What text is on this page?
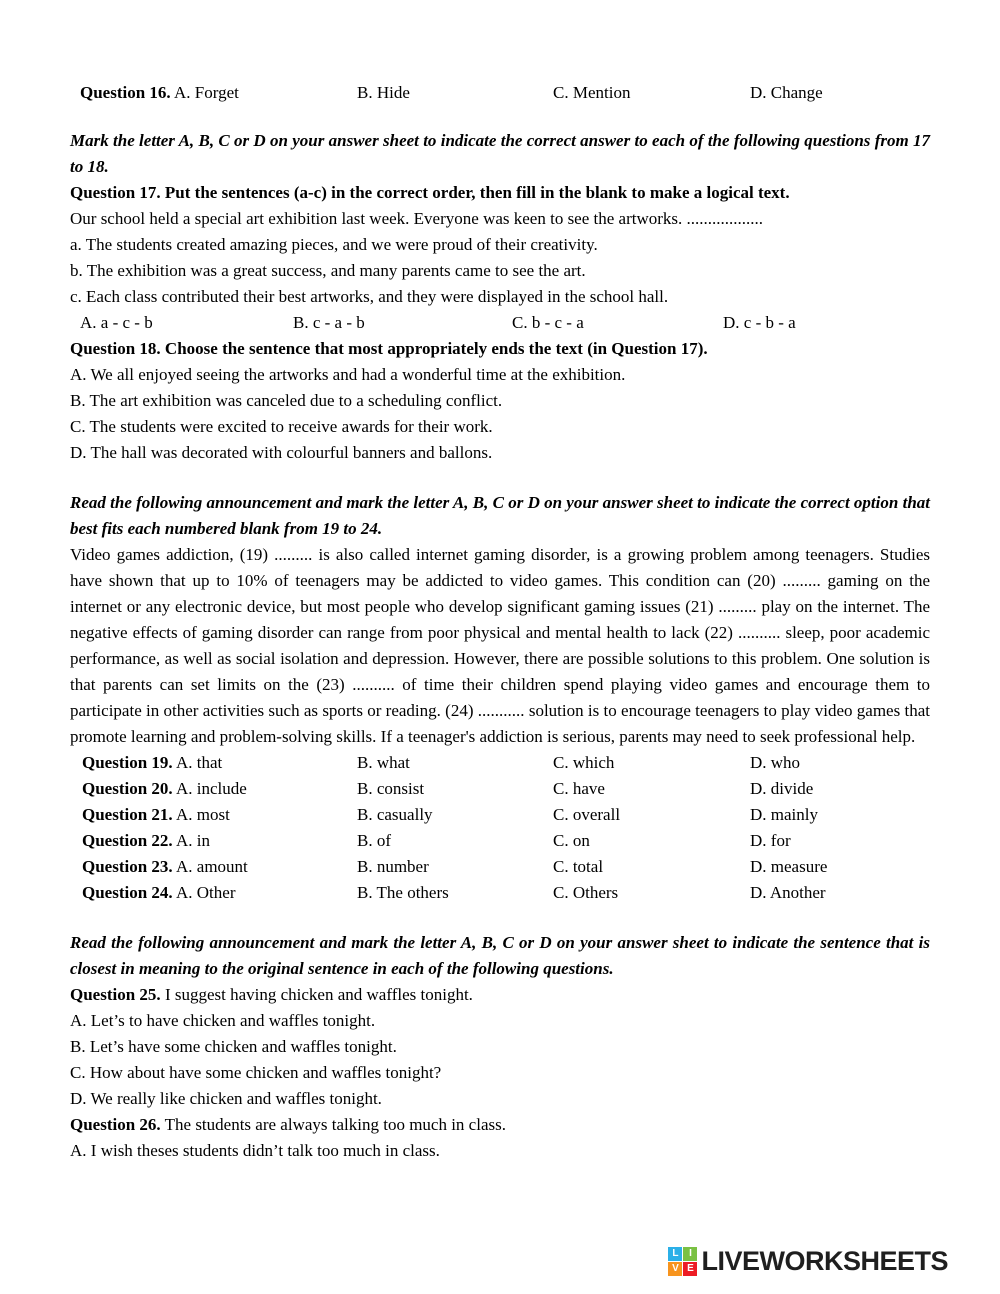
Question 16. A. Forget	B. Hide	C. Mention	D. Change

Mark the letter A, B, C or D on your answer sheet to indicate the correct answer to each of the following questions from 17 to 18.

Question 17. Put the sentences (a-c) in the correct order, then fill in the blank to make a logical text.
Our school held a special art exhibition last week. Everyone was keen to see the artworks. ..................
a. The students created amazing pieces, and we were proud of their creativity.
b. The exhibition was a great success, and many parents came to see the art.
c. Each class contributed their best artworks, and they were displayed in the school hall.
A. a - c - b	B. c - a - b	C. b - c - a	D. c - b - a
Question 18. Choose the sentence that most appropriately ends the text (in Question 17).
A. We all enjoyed seeing the artworks and had a wonderful time at the exhibition.
B. The art exhibition was canceled due to a scheduling conflict.
C. The students were excited to receive awards for their work.
D. The hall was decorated with colourful banners and ballons.

Read the following announcement and mark the letter A, B, C or D on your answer sheet to indicate the correct option that best fits each numbered blank from 19 to 24.

Video games addiction, (19) ......... is also called internet gaming disorder, is a growing problem among teenagers. Studies have shown that up to 10% of teenagers may be addicted to video games. This condition can (20) ......... gaming on the internet or any electronic device, but most people who develop significant gaming issues (21) ......... play on the internet. The negative effects of gaming disorder can range from poor physical and mental health to lack (22) .......... sleep, poor academic performance, as well as social isolation and depression. However, there are possible solutions to this problem. One solution is that parents can set limits on the (23) .......... of time their children spend playing video games and encourage them to participate in other activities such as sports or reading. (24) ........... solution is to encourage teenagers to play video games that promote learning and problem-solving skills. If a teenager's addiction is serious, parents may need to seek professional help.

Question 19. A. that	B. what	C. which	D. who
Question 20. A. include	B. consist	C. have	D. divide
Question 21. A. most	B. casually	C. overall	D. mainly
Question 22. A. in	B. of	C. on	D. for
Question 23. A. amount	B. number	C. total	D. measure
Question 24. A. Other	B. The others	C. Others	D. Another

Read the following announcement and mark the letter A, B, C or D on your answer sheet to indicate the sentence that is closest in meaning to the original sentence in each of the following questions.

Question 25. I suggest having chicken and waffles tonight.
A. Let’s to have chicken and waffles tonight.
B. Let’s have some chicken and waffles tonight.
C. How about have some chicken and waffles tonight?
D. We really like chicken and waffles tonight.
Question 26. The students are always talking too much in class.
A. I wish theses students didn’t talk too much in class.
L	I
V E LIVEWORKSHEETS
